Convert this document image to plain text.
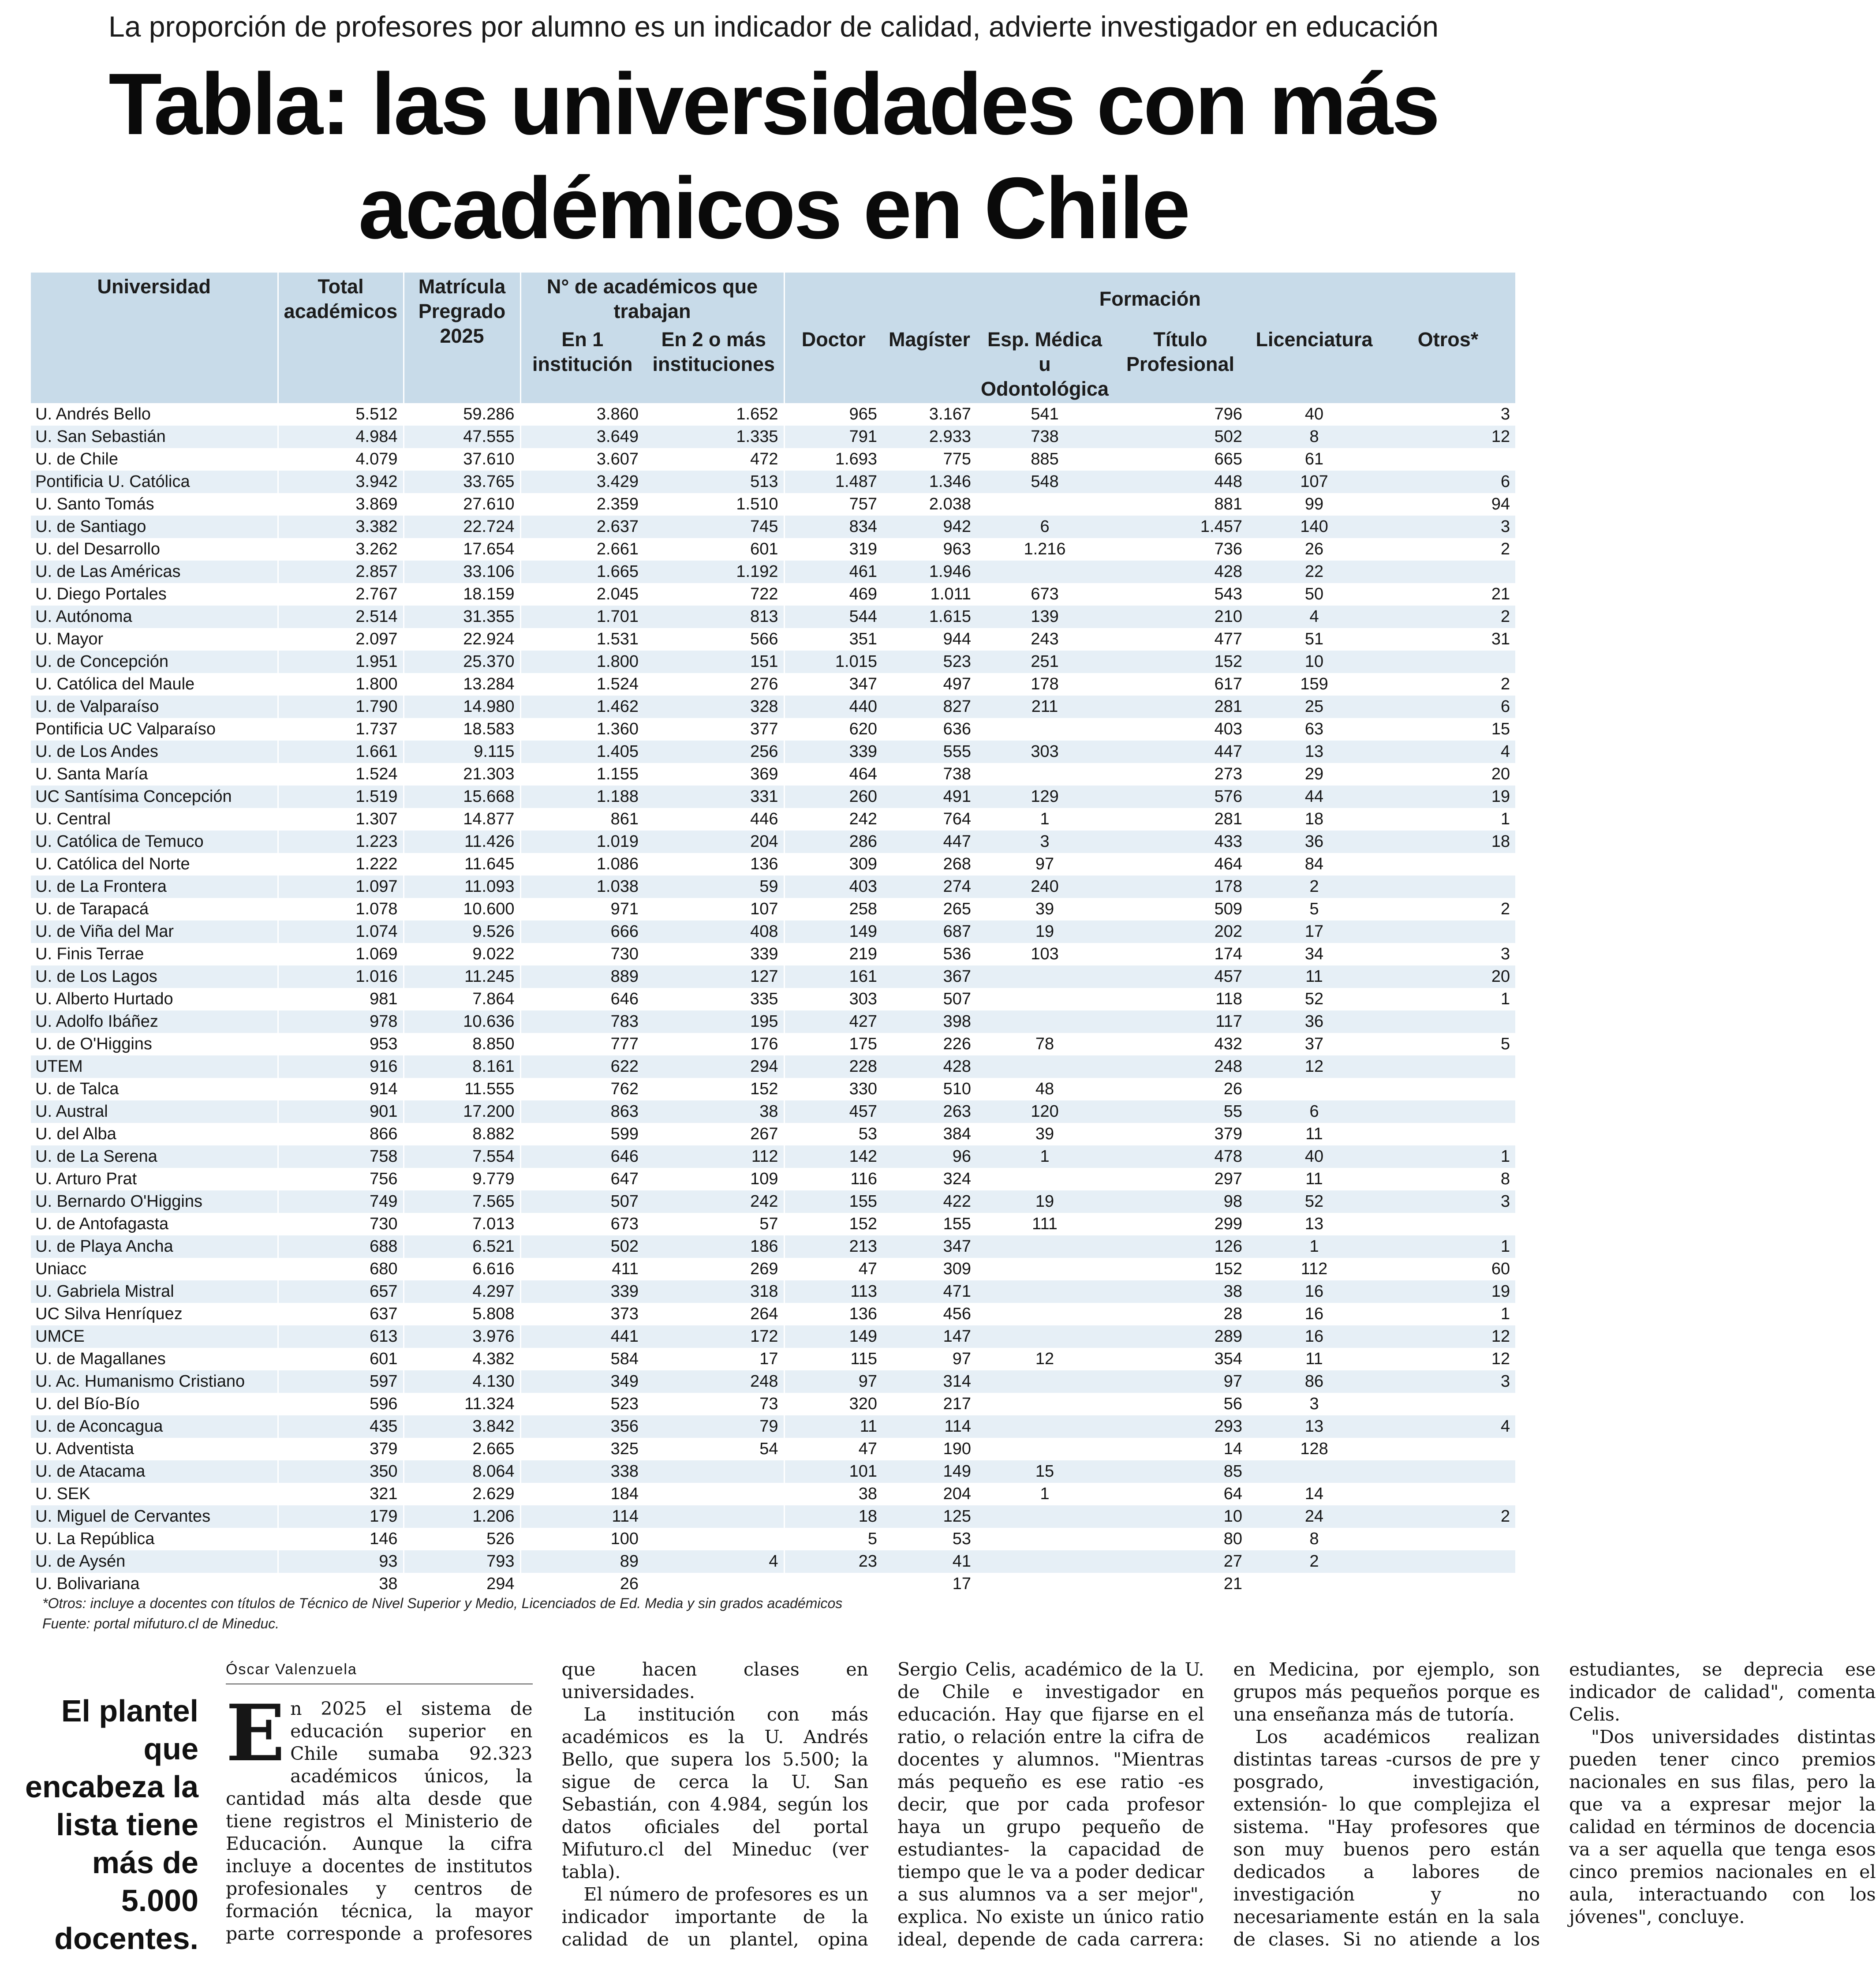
La proporción de profesores por alumno es un indicador de calidad, advierte investigador en educación
Tabla: las universidades con más
académicos en Chile
Universidad	Total académicos	Matrícula Pregrado 2025	N° de académicos que trabajan		Formación					
			En 1 institución	En 2 o más instituciones	Doctor	Magíster	Esp. Médica u Odontológica	Título Profesional	Licenciatura	Otros*
U. Andrés Bello	5.512	59.286	3.860	1.652	965	3.167	541	796	40	3
U. San Sebastián	4.984	47.555	3.649	1.335	791	2.933	738	502	8	12
U. de Chile	4.079	37.610	3.607	472	1.693	775	885	665	61	
Pontificia U. Católica	3.942	33.765	3.429	513	1.487	1.346	548	448	107	6
U. Santo Tomás	3.869	27.610	2.359	1.510	757	2.038		881	99	94
U. de Santiago	3.382	22.724	2.637	745	834	942	6	1.457	140	3
U. del Desarrollo	3.262	17.654	2.661	601	319	963	1.216	736	26	2
U. de Las Américas	2.857	33.106	1.665	1.192	461	1.946		428	22	
U. Diego Portales	2.767	18.159	2.045	722	469	1.011	673	543	50	21
U. Autónoma	2.514	31.355	1.701	813	544	1.615	139	210	4	2
U. Mayor	2.097	22.924	1.531	566	351	944	243	477	51	31
U. de Concepción	1.951	25.370	1.800	151	1.015	523	251	152	10	
U. Católica del Maule	1.800	13.284	1.524	276	347	497	178	617	159	2
U. de Valparaíso	1.790	14.980	1.462	328	440	827	211	281	25	6
Pontificia UC Valparaíso	1.737	18.583	1.360	377	620	636		403	63	15
U. de Los Andes	1.661	9.115	1.405	256	339	555	303	447	13	4
U. Santa María	1.524	21.303	1.155	369	464	738		273	29	20
UC Santísima Concepción	1.519	15.668	1.188	331	260	491	129	576	44	19
U. Central	1.307	14.877	861	446	242	764	1	281	18	1
U. Católica de Temuco	1.223	11.426	1.019	204	286	447	3	433	36	18
U. Católica del Norte	1.222	11.645	1.086	136	309	268	97	464	84	
U. de La Frontera	1.097	11.093	1.038	59	403	274	240	178	2	
U. de Tarapacá	1.078	10.600	971	107	258	265	39	509	5	2
U. de Viña del Mar	1.074	9.526	666	408	149	687	19	202	17	
U. Finis Terrae	1.069	9.022	730	339	219	536	103	174	34	3
U. de Los Lagos	1.016	11.245	889	127	161	367		457	11	20
U. Alberto Hurtado	981	7.864	646	335	303	507		118	52	1
U. Adolfo Ibáñez	978	10.636	783	195	427	398		117	36	
U. de O'Higgins	953	8.850	777	176	175	226	78	432	37	5
UTEM	916	8.161	622	294	228	428		248	12	
U. de Talca	914	11.555	762	152	330	510	48	26		
U. Austral	901	17.200	863	38	457	263	120	55	6	
U. del Alba	866	8.882	599	267	53	384	39	379	11	
U. de La Serena	758	7.554	646	112	142	96	1	478	40	1
U. Arturo Prat	756	9.779	647	109	116	324		297	11	8
U. Bernardo O'Higgins	749	7.565	507	242	155	422	19	98	52	3
U. de Antofagasta	730	7.013	673	57	152	155	111	299	13	
U. de Playa Ancha	688	6.521	502	186	213	347		126	1	1
Uniacc	680	6.616	411	269	47	309		152	112	60
U. Gabriela Mistral	657	4.297	339	318	113	471		38	16	19
UC Silva Henríquez	637	5.808	373	264	136	456		28	16	1
UMCE	613	3.976	441	172	149	147		289	16	12
U. de Magallanes	601	4.382	584	17	115	97	12	354	11	12
U. Ac. Humanismo Cristiano	597	4.130	349	248	97	314		97	86	3
U. del Bío-Bío	596	11.324	523	73	320	217		56	3	
U. de Aconcagua	435	3.842	356	79	11	114		293	13	4
U. Adventista	379	2.665	325	54	47	190		14	128	
U. de Atacama	350	8.064	338		101	149	15	85		
U. SEK	321	2.629	184		38	204	1	64	14	
U. Miguel de Cervantes	179	1.206	114		18	125		10	24	2
U. La República	146	526	100		5	53		80	8	
U. de Aysén	93	793	89	4	23	41		27	2	
U. Bolivariana	38	294	26			17		21		
*Otros: incluye a docentes con títulos de Técnico de Nivel Superior y Medio, Licenciados de Ed. Media y sin grados académicos
Fuente: portal mifuturo.cl de Mineduc.
El plantel que encabeza la lista tiene más de 5.000 docentes.
Óscar Valenzuela

En 2025 el sistema de educación superior en Chile sumaba 92.323 académicos únicos, la cantidad más alta desde que tiene registros el Ministerio de Educación. Aunque la cifra incluye a docentes de institutos profesionales y centros de formación técnica, la mayor parte corresponde a profesores que hacen clases en universidades.

La institución con más académicos es la U. Andrés Bello, que supera los 5.500; la sigue de cerca la U. San Sebastián, con 4.984, según los datos oficiales del portal Mifuturo.cl del Mineduc (ver tabla).

El número de profesores es un indicador importante de la calidad de un plantel, opina Sergio Celis, académico de la U. de Chile e investigador en educación. Hay que fijarse en el ratio, o relación entre la cifra de docentes y alumnos. "Mientras más pequeño es ese ratio -es decir, que por cada profesor haya un grupo pequeño de estudiantes- la capacidad de tiempo que le va a poder dedicar a sus alumnos va a ser mejor", explica. No existe un único ratio ideal, depende de cada carrera: en Medicina, por ejemplo, son grupos más pequeños porque es una enseñanza más de tutoría.

Los académicos realizan distintas tareas -cursos de pre y posgrado, investigación, extensión- lo que complejiza el sistema. "Hay profesores que son muy buenos pero están dedicados a labores de investigación y no necesariamente están en la sala de clases. Si no atiende a los estudiantes, se deprecia ese indicador de calidad", comenta Celis.

"Dos universidades distintas pueden tener cinco premios nacionales en sus filas, pero la que va a expresar mejor la calidad en términos de docencia va a ser aquella que tenga esos cinco premios nacionales en el aula, interactuando con los jóvenes", concluye.
